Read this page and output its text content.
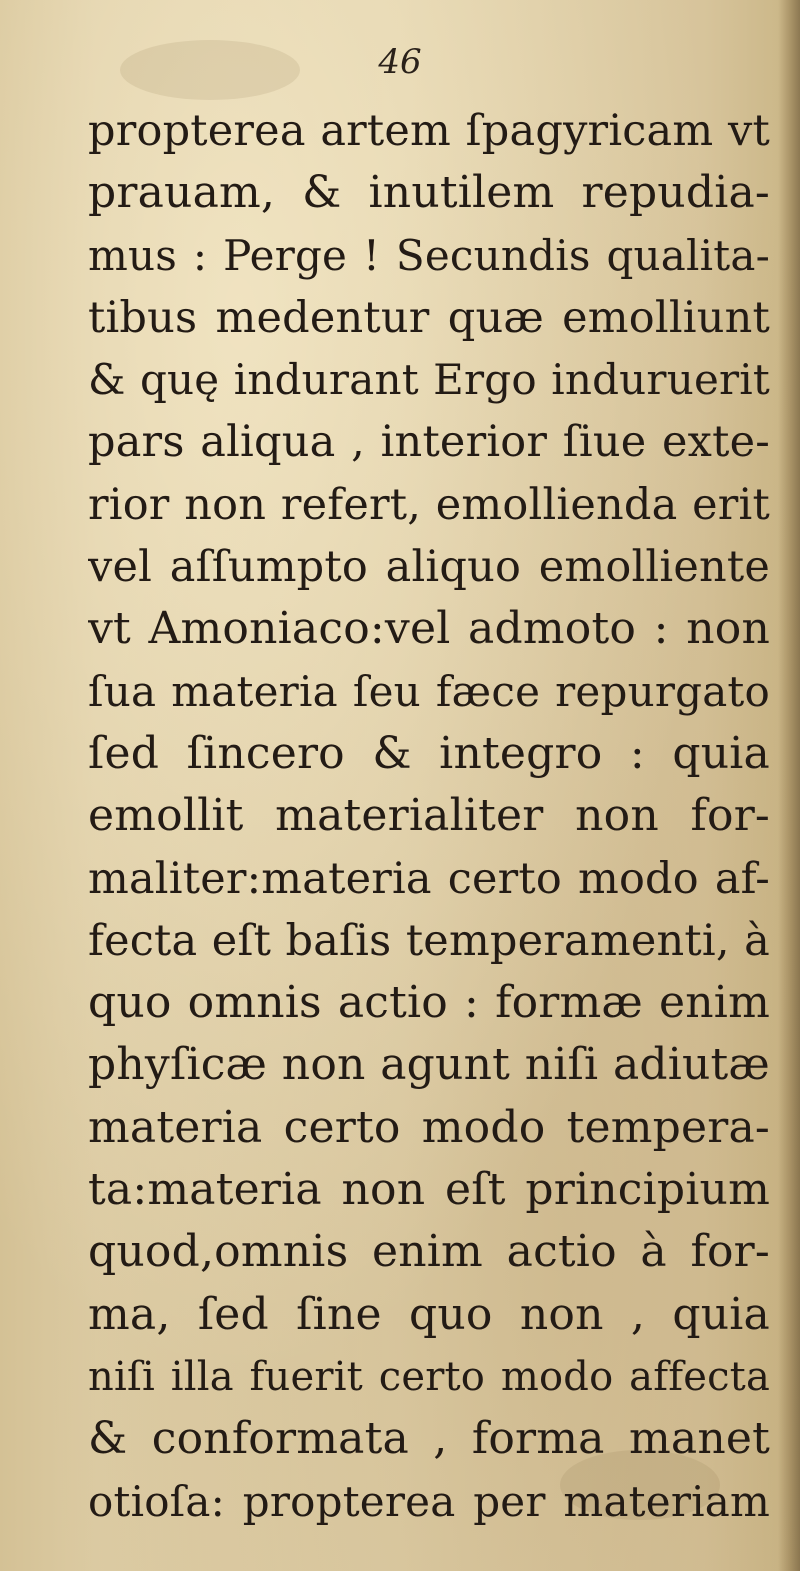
46
propterea artem ſpagyricam vt
prauam, & inutilem repudia-
mus : Perge ! Secundis qualita-
tibus medentur quæ emolliunt
& quę indurant Ergo induruerit
pars aliqua , interior ſiue exte-
rior non refert, emollienda erit
vel aſſumpto aliquo emolliente
vt Amoniaco:vel admoto : non
ſua materia ſeu fæce repurgato
ſed ſincero & integro : quia
emollit materialiter non for-
maliter:materia certo modo af-
fecta eſt baſis temperamenti, à
quo omnis actio : formæ enim
phyſicæ non agunt niſi adiutæ
materia certo modo tempera-
ta:materia non eſt principium
quod,omnis enim actio à for-
ma, ſed ſine quo non , quia
niſi illa fuerit certo modo affecta
& conformata , forma manet
otioſa: propterea per materiam
